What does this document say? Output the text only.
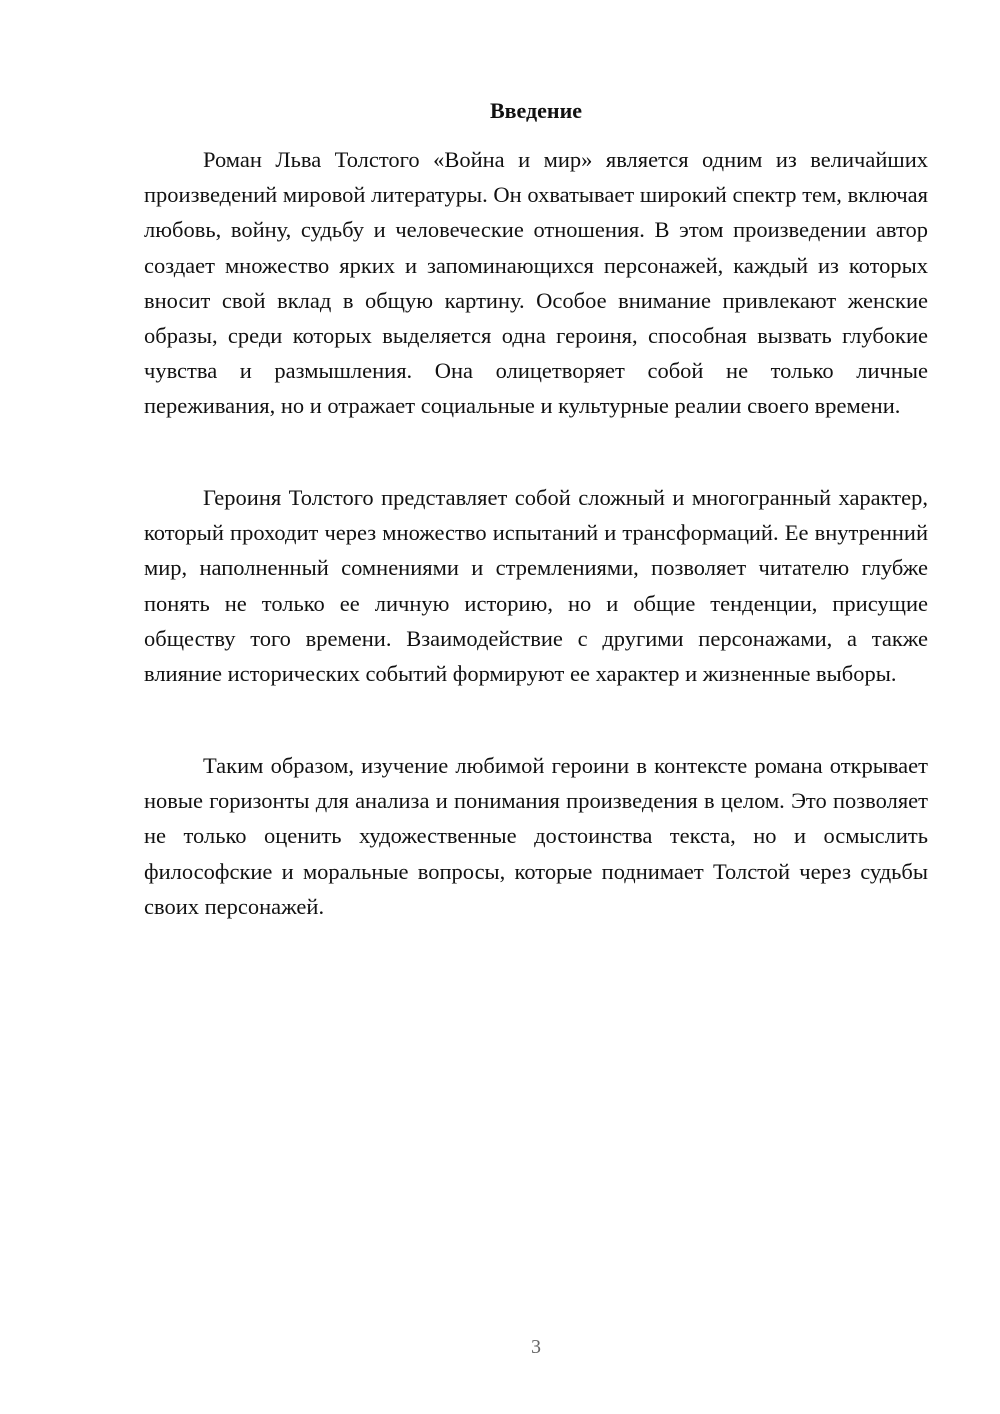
Введение

Роман Льва Толстого «Война и мир» является одним из величайших произведений мировой литературы. Он охватывает широкий спектр тем, включая любовь, войну, судьбу и человеческие отношения. В этом произведении автор создает множество ярких и запоминающихся персонажей, каждый из которых вносит свой вклад в общую картину. Особое внимание привлекают женские образы, среди которых выделяется одна героиня, способная вызвать глубокие чувства и размышления. Она олицетворяет собой не только личные переживания, но и отражает социальные и культурные реалии своего времени.

Героиня Толстого представляет собой сложный и многогранный характер, который проходит через множество испытаний и трансформаций. Ее внутренний мир, наполненный сомнениями и стремлениями, позволяет читателю глубже понять не только ее личную историю, но и общие тенденции, присущие обществу того времени. Взаимодействие с другими персонажами, а также влияние исторических событий формируют ее характер и жизненные выборы.

Таким образом, изучение любимой героини в контексте романа открывает новые горизонты для анализа и понимания произведения в целом. Это позволяет не только оценить художественные достоинства текста, но и осмыслить философские и моральные вопросы, которые поднимает Толстой через судьбы своих персонажей.

3
